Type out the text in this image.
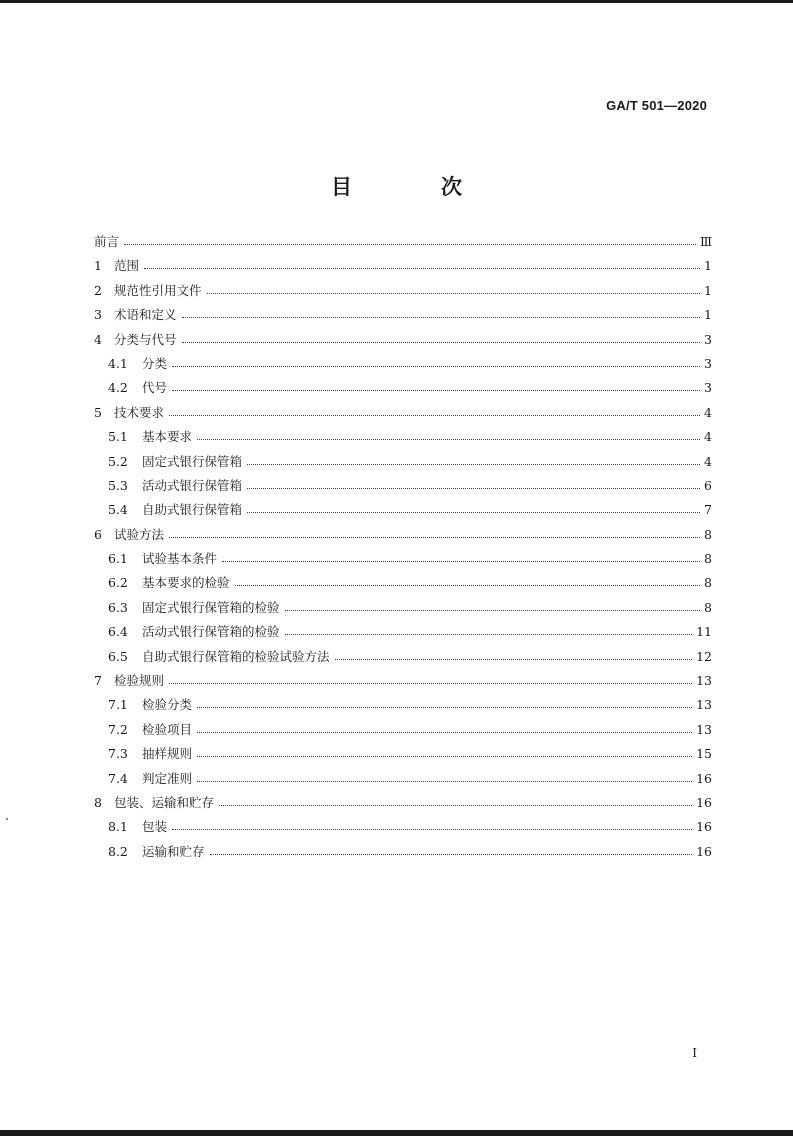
GA/T 501—2020
目　次
前言	Ⅲ
1 范围	1
2 规范性引用文件	1
3 术语和定义	1
4 分类与代号	3
4.1	分类	3
4.2	代号	3
5 技术要求	4
5.1	基本要求	4
5.2	固定式银行保管箱	4
5.3	活动式银行保管箱	6
5.4	自助式银行保管箱	7
6 试验方法	8
6.1	试验基本条件	8
6.2	基本要求的检验	8
6.3	固定式银行保管箱的检验	8
6.4	活动式银行保管箱的检验	11
6.5	自助式银行保管箱的检验试验方法	12
7 检验规则	13
7.1	检验分类	13
7.2	检验项目	13
7.3	抽样规则	15
7.4	判定准则	16
8 包装、运输和贮存	16
8.1	包装	16
8.2	运输和贮存	16
I
